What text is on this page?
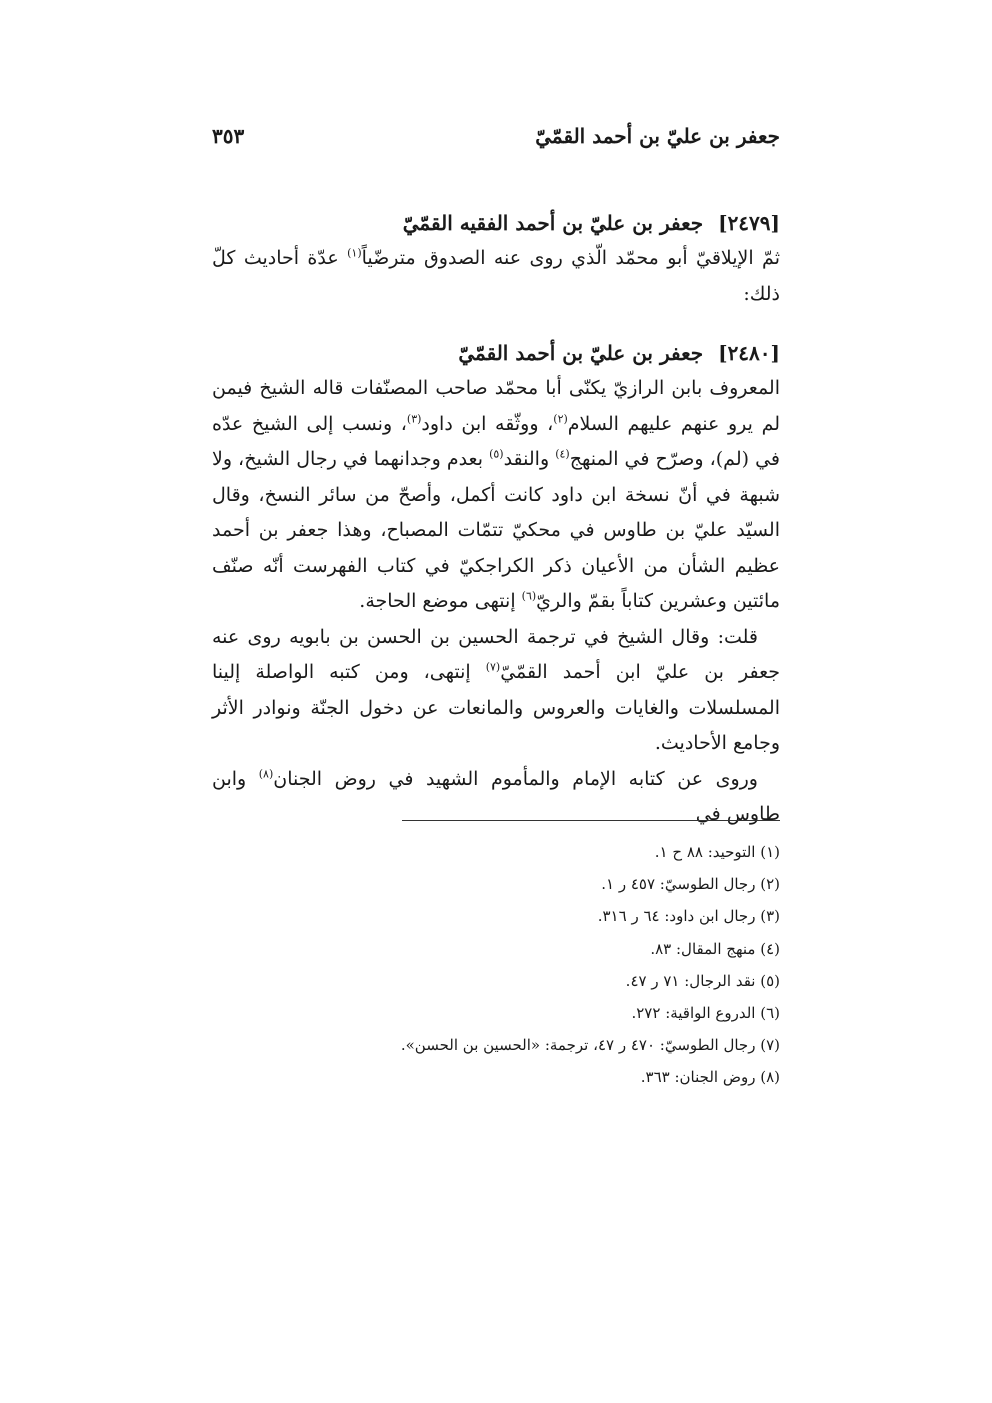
جعفر بن عليّ بن أحمد القمّيّ
٣٥٣
[٢٤٧٩] جعفر بن عليّ بن أحمد الفقيه القمّيّ

ثمّ الإيلاقيّ أبو محمّد الّذي روى عنه الصدوق مترضّياً$^{(١)}$ عدّة أحاديث كلّ ذلك:

[٢٤٨٠] جعفر بن عليّ بن أحمد القمّيّ

المعروف بابن الرازيّ يكنّى أبا محمّد صاحب المصنّفات قاله الشيخ فيمن لم يرو عنهم عليهم السلام$^{(٢)}$، ووثّقه ابن داود$^{(٣)}$، ونسب إلى الشيخ عدّه في (لم)، وصرّح في المنهج$^{(٤)}$ والنقد$^{(٥)}$ بعدم وجدانهما في رجال الشيخ، ولا شبهة في أنّ نسخة ابن داود كانت أكمل، وأصحّ من سائر النسخ، وقال السيّد عليّ بن طاوس في محكيّ تتمّات المصباح، وهذا جعفر بن أحمد عظيم الشأن من الأعيان ذكر الكراجكيّ في كتاب الفهرست أنّه صنّف مائتين وعشرين كتاباً بقمّ والريّ$^{(٦)}$ إنتهى موضع الحاجة.

قلت: وقال الشيخ في ترجمة الحسين بن الحسن بن بابويه روى عنه جعفر بن عليّ ابن أحمد القمّيّ$^{(٧)}$ إنتهى، ومن كتبه الواصلة إلينا المسلسلات والغايات والعروس والمانعات عن دخول الجنّة ونوادر الأثر وجامع الأحاديث.

وروى عن كتابه الإمام والمأموم الشهيد في روض الجنان$^{(٨)}$ وابن طاوس في

(١) التوحيد: ٨٨ ح ١.

(٢) رجال الطوسيّ: ٤٥٧ ر ١.

(٣) رجال ابن داود: ٦٤ ر ٣١٦.

(٤) منهج المقال: ٨٣.

(٥) نقد الرجال: ٧١ ر ٤٧.

(٦) الدروع الواقية: ٢٧٢.

(٧) رجال الطوسيّ: ٤٧٠ ر ٤٧، ترجمة: «الحسين بن الحسن».

(٨) روض الجنان: ٣٦٣.
